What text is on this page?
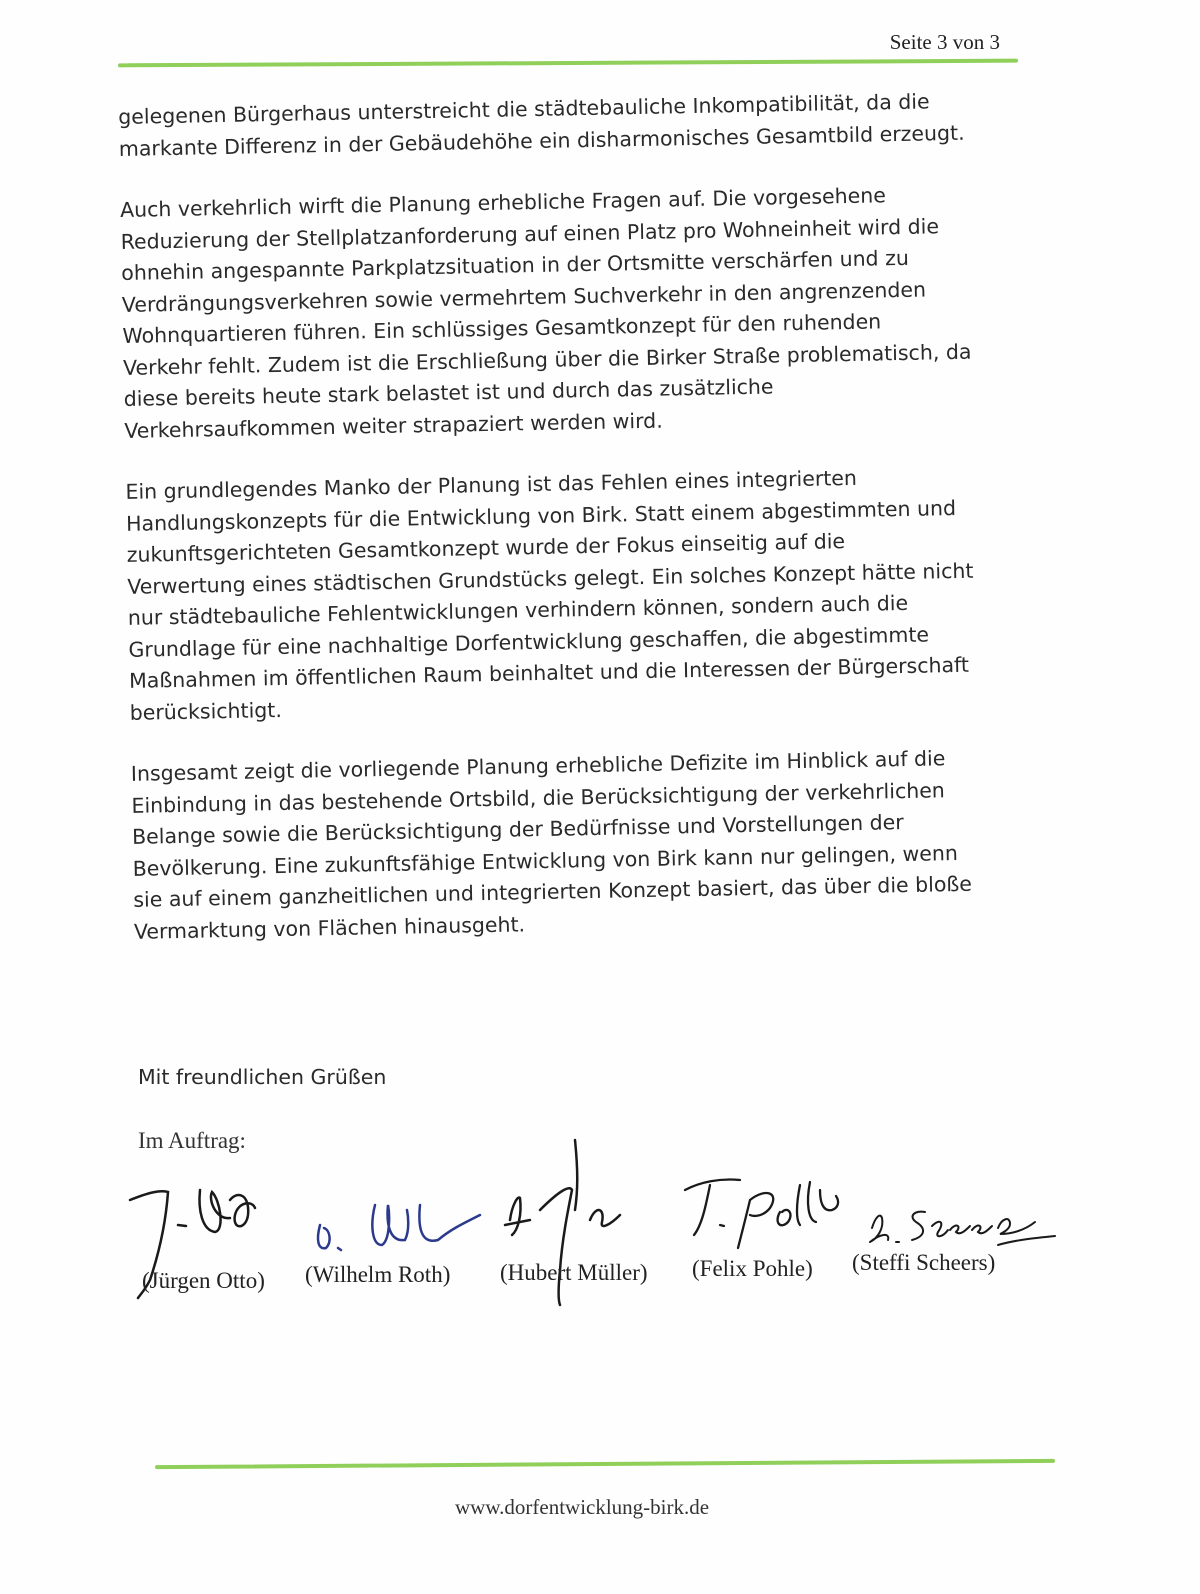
Seite 3 von 3

gelegenen Bürgerhaus unterstreicht die städtebauliche Inkompatibilität, da die
markante Differenz in der Gebäudehöhe ein disharmonisches Gesamtbild erzeugt.

Auch verkehrlich wirft die Planung erhebliche Fragen auf. Die vorgesehene
Reduzierung der Stellplatzanforderung auf einen Platz pro Wohneinheit wird die
ohnehin angespannte Parkplatzsituation in der Ortsmitte verschärfen und zu
Verdrängungsverkehren sowie vermehrtem Suchverkehr in den angrenzenden
Wohnquartieren führen. Ein schlüssiges Gesamtkonzept für den ruhenden
Verkehr fehlt. Zudem ist die Erschließung über die Birker Straße problematisch, da
diese bereits heute stark belastet ist und durch das zusätzliche
Verkehrsaufkommen weiter strapaziert werden wird.

Ein grundlegendes Manko der Planung ist das Fehlen eines integrierten
Handlungskonzepts für die Entwicklung von Birk. Statt einem abgestimmten und
zukunftsgerichteten Gesamtkonzept wurde der Fokus einseitig auf die
Verwertung eines städtischen Grundstücks gelegt. Ein solches Konzept hätte nicht
nur städtebauliche Fehlentwicklungen verhindern können, sondern auch die
Grundlage für eine nachhaltige Dorfentwicklung geschaffen, die abgestimmte
Maßnahmen im öffentlichen Raum beinhaltet und die Interessen der Bürgerschaft
berücksichtigt.

Insgesamt zeigt die vorliegende Planung erhebliche Defizite im Hinblick auf die
Einbindung in das bestehende Ortsbild, die Berücksichtigung der verkehrlichen
Belange sowie die Berücksichtigung der Bedürfnisse und Vorstellungen der
Bevölkerung. Eine zukunftsfähige Entwicklung von Birk kann nur gelingen, wenn
sie auf einem ganzheitlichen und integrierten Konzept basiert, das über die bloße
Vermarktung von Flächen hinausgeht.

Mit freundlichen Grüßen
Im Auftrag:
(Jürgen Otto) (Wilhelm Roth) (Hubert Müller) (Felix Pohle) (Steffi Scheers)
www.dorfentwicklung-birk.de
